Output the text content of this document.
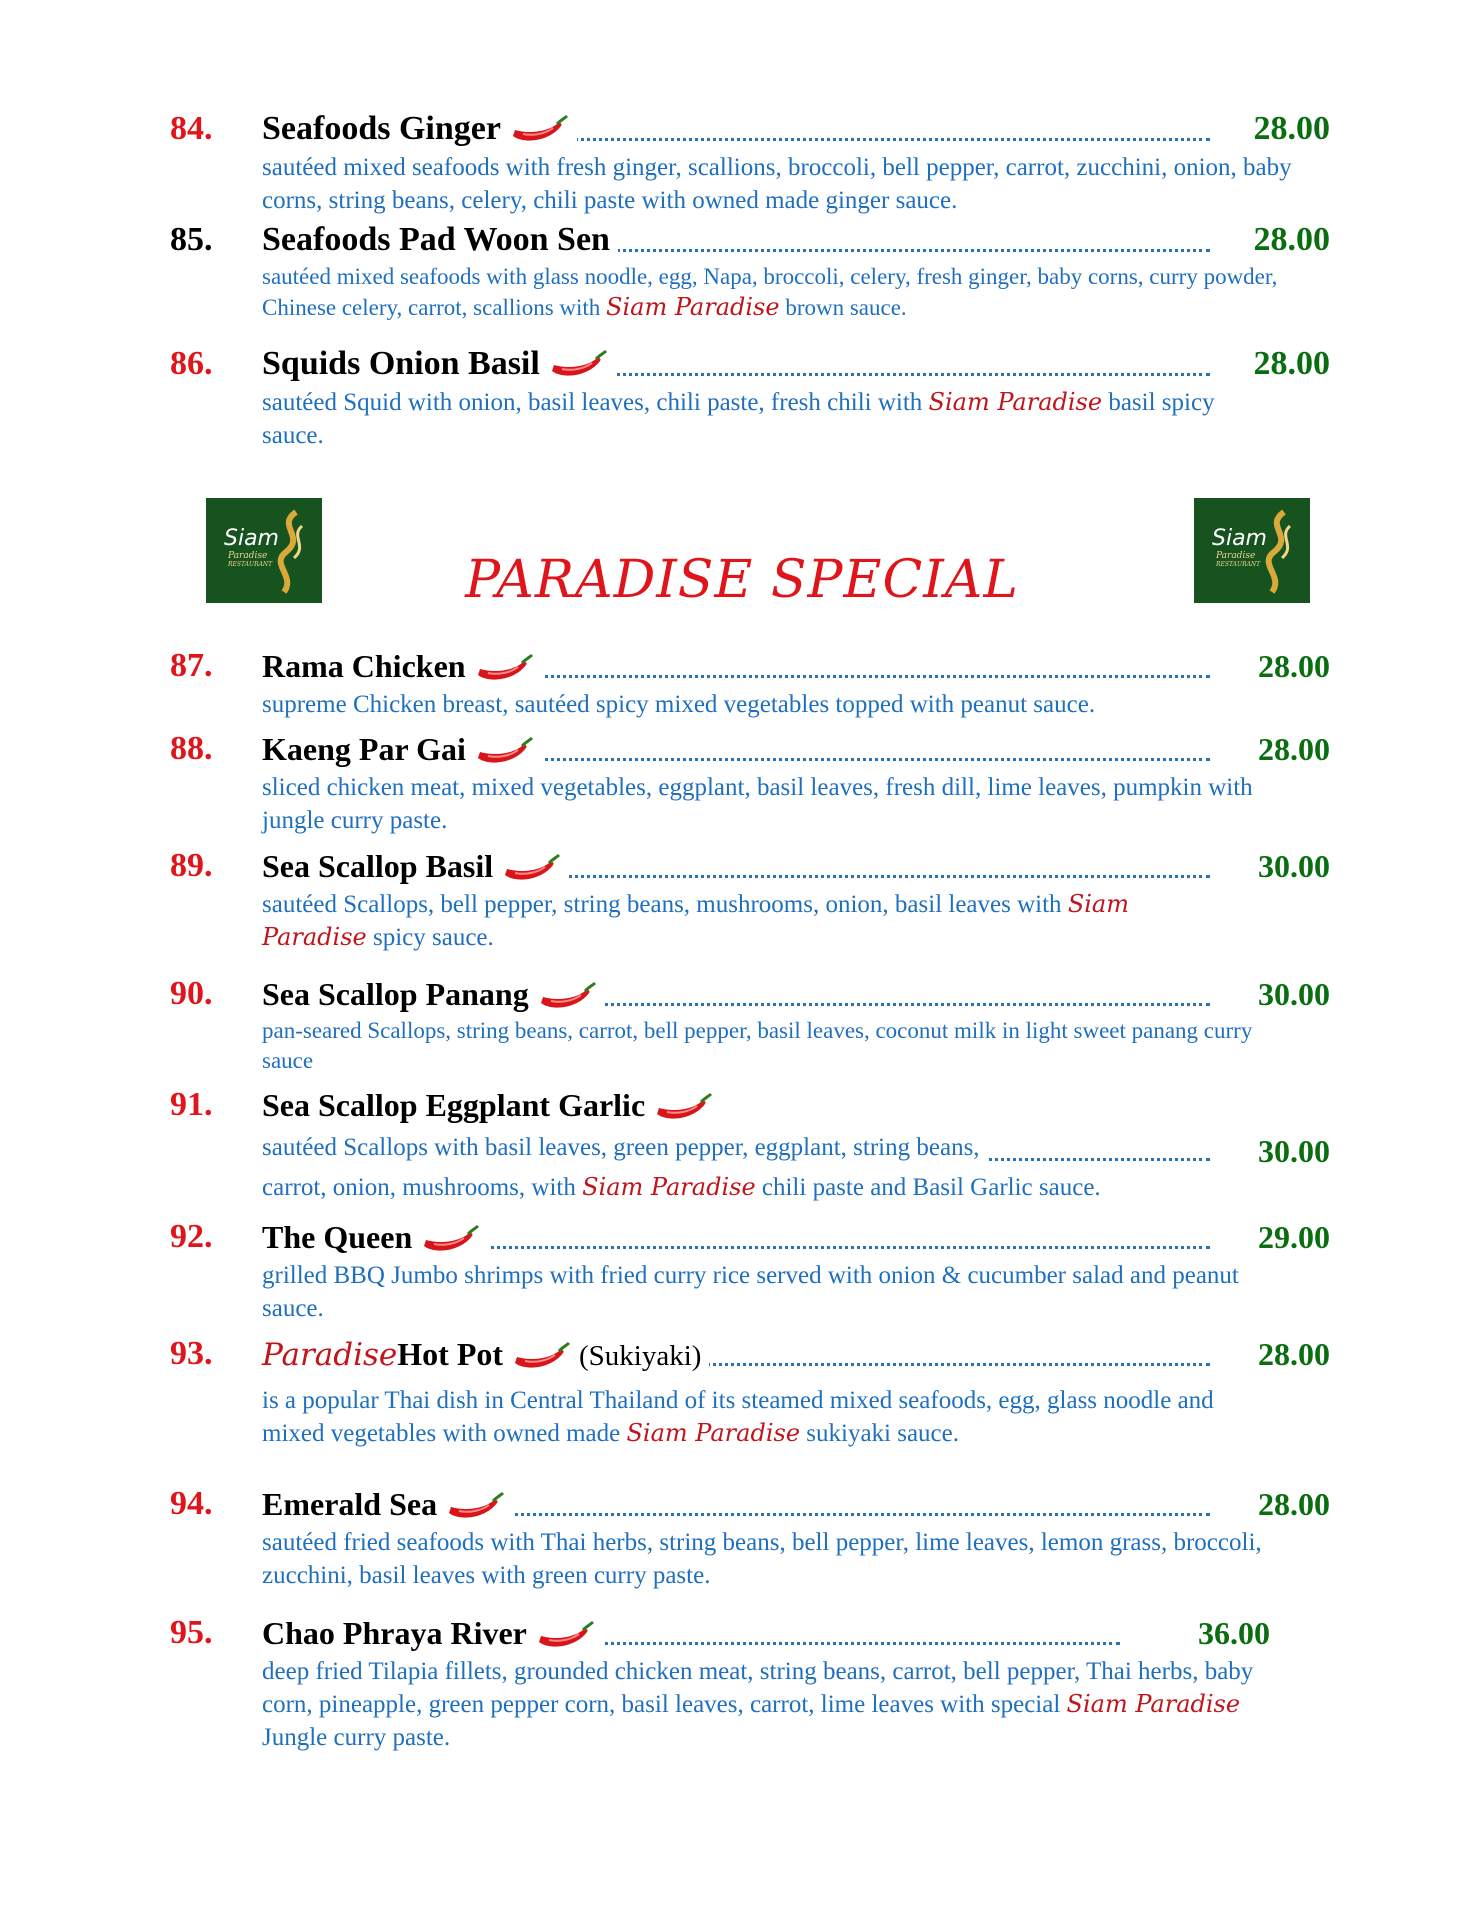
84. Seafoods Ginger	28.00
sautéed mixed seafoods with fresh ginger, scallions, broccoli, bell pepper, carrot, zucchini, onion, baby corns, string beans, celery, chili paste with owned made ginger sauce.
85. Seafoods Pad Woon Sen	28.00
sautéed mixed seafoods with glass noodle, egg, Napa, broccoli, celery, fresh ginger, baby corns, curry powder, Chinese celery, carrot, scallions with Siam Paradise brown sauce.
86. Squids Onion Basil	28.00
sautéed Squid with onion, basil leaves, chili paste, fresh chili with Siam Paradise basil spicy sauce.
Siam
Paradise
RESTAURANT
Siam
Paradise
RESTAURANT
PARADISE SPECIAL
87. Rama Chicken	28.00
supreme Chicken breast, sautéed spicy mixed vegetables topped with peanut sauce.
88. Kaeng Par Gai	28.00
sliced chicken meat, mixed vegetables, eggplant, basil leaves, fresh dill, lime leaves, pumpkin with jungle curry paste.
89. Sea Scallop Basil	30.00
sautéed Scallops, bell pepper, string beans, mushrooms, onion, basil leaves with Siam Paradise spicy sauce.
90. Sea Scallop Panang	30.00
pan-seared Scallops, string beans, carrot, bell pepper, basil leaves, coconut milk in light sweet panang curry sauce
91. Sea Scallop Eggplant Garlic
sautéed Scallops with basil leaves, green pepper, eggplant, string beans,	30.00
carrot, onion, mushrooms, with Siam Paradise chili paste and Basil Garlic sauce.
92. The Queen	29.00
grilled BBQ Jumbo shrimps with fried curry rice served with onion & cucumber salad and peanut sauce.
93. ParadiseHot Pot	(Sukiyaki)	28.00
is a popular Thai dish in Central Thailand of its steamed mixed seafoods, egg, glass noodle and mixed vegetables with owned made Siam Paradise sukiyaki sauce.
94. Emerald Sea	28.00
sautéed fried seafoods with Thai herbs, string beans, bell pepper, lime leaves, lemon grass, broccoli, zucchini, basil leaves with green curry paste.
95. Chao Phraya River	36.00
deep fried Tilapia fillets, grounded chicken meat, string beans, carrot, bell pepper, Thai herbs, baby corn, pineapple, green pepper corn, basil leaves, carrot, lime leaves with special Siam Paradise Jungle curry paste.
